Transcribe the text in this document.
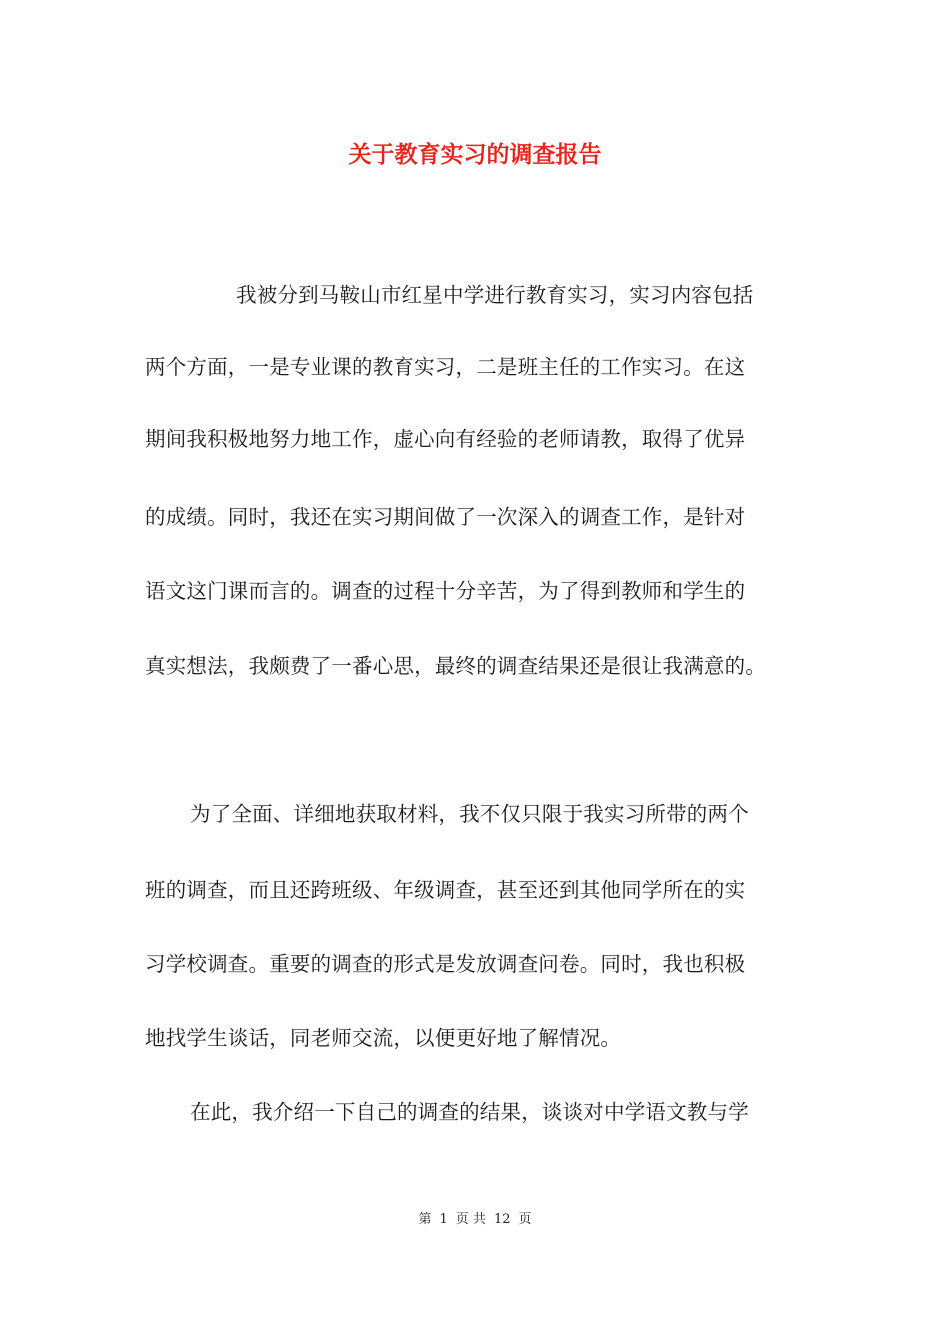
关于教育实习的调查报告
我被分到马鞍山市红星中学进行教育实习，实习内容包括
两个方面，一是专业课的教育实习，二是班主任的工作实习。在这
期间我积极地努力地工作，虚心向有经验的老师请教，取得了优异
的成绩。同时，我还在实习期间做了一次深入的调查工作，是针对
语文这门课而言的。调查的过程十分辛苦，为了得到教师和学生的
真实想法，我颇费了一番心思，最终的调查结果还是很让我满意的。
为了全面、详细地获取材料，我不仅只限于我实习所带的两个
班的调查，而且还跨班级、年级调查，甚至还到其他同学所在的实
习学校调查。重要的调查的形式是发放调查问卷。同时，我也积极
地找学生谈话，同老师交流，以便更好地了解情况。
在此，我介绍一下自己的调查的结果，谈谈对中学语文教与学
第 1 页 共 12 页
